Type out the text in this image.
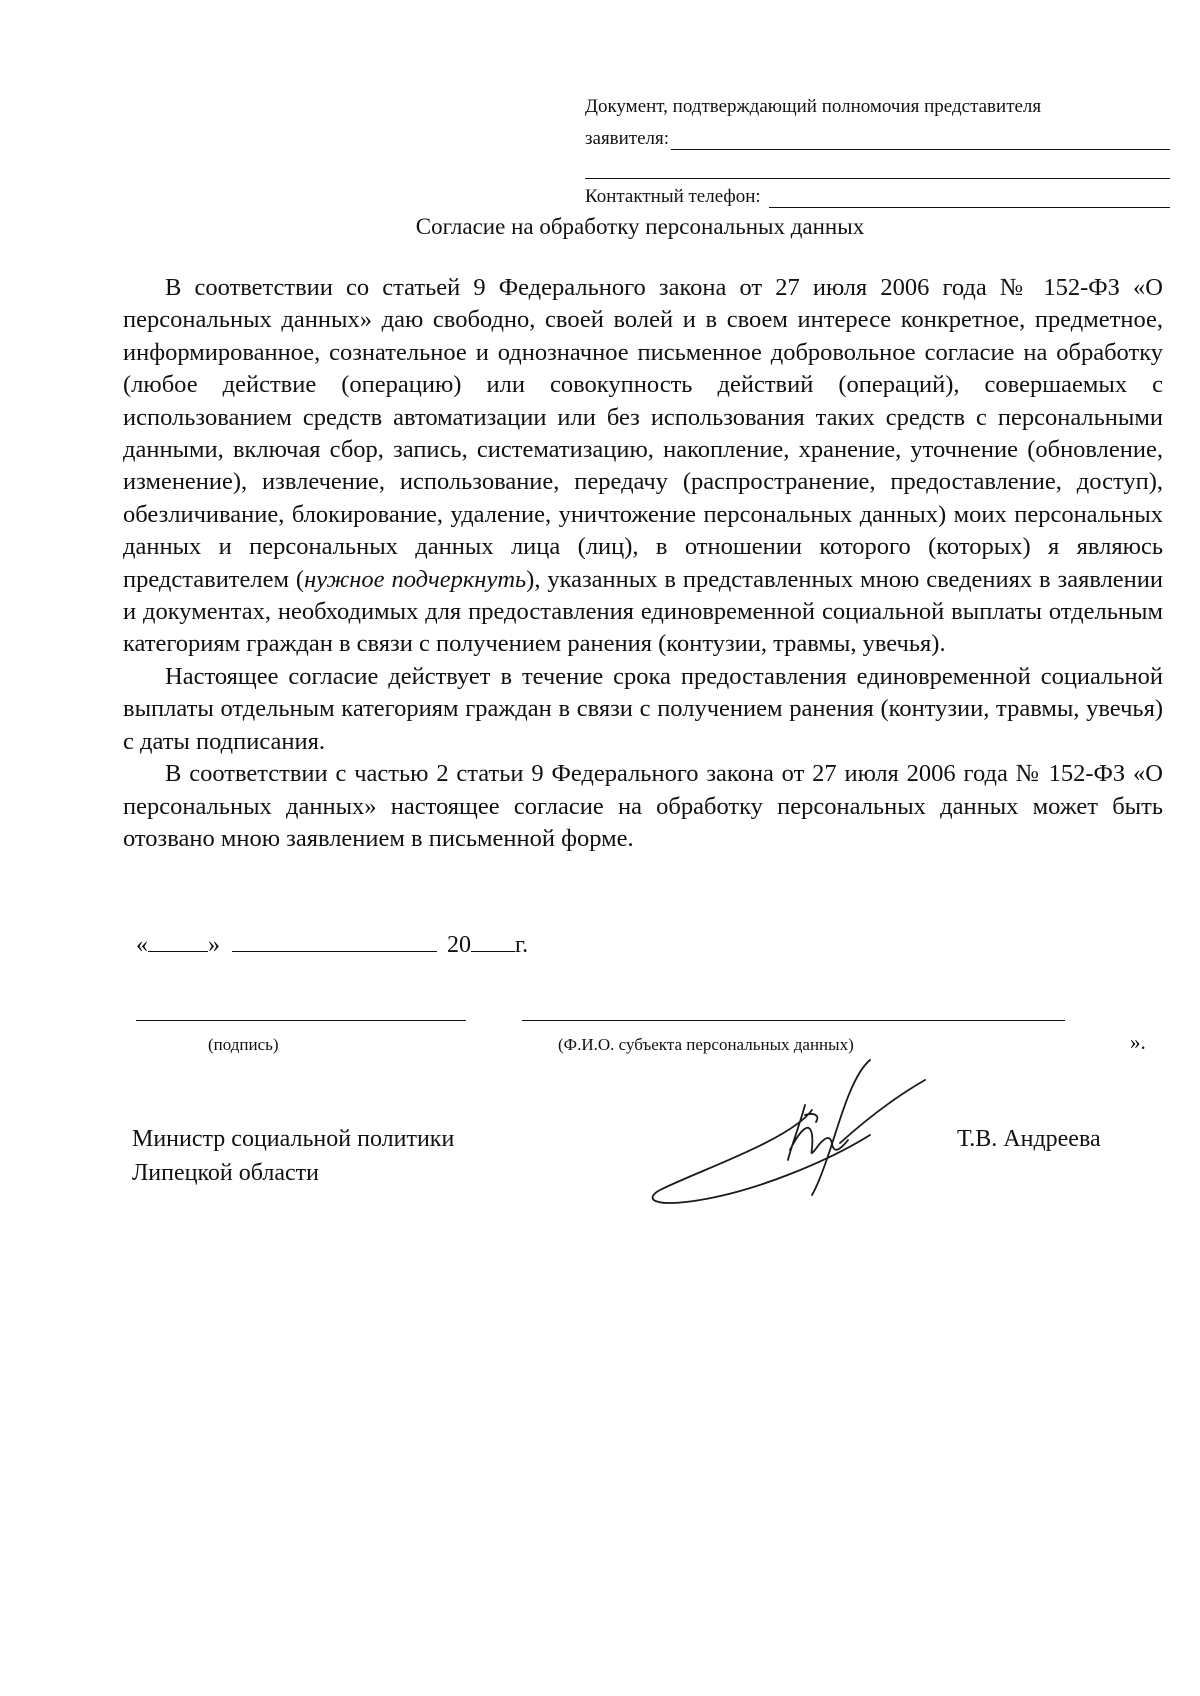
Документ, подтверждающий полномочия представителя
заявителя:
Контактный телефон:
Согласие на обработку персональных данных

В соответствии со статьей 9 Федерального закона от 27 июля 2006 года № 152-ФЗ «О персональных данных» даю свободно, своей волей и в своем интересе конкретное, предметное, информированное, сознательное и однозначное письменное добровольное согласие на обработку (любое действие (операцию) или совокупность действий (операций), совершаемых с использованием средств автоматизации или без использования таких средств с персональными данными, включая сбор, запись, систематизацию, накопление, хранение, уточнение (обновление, изменение), извлечение, использование, передачу (распространение, предоставление, доступ), обезличивание, блокирование, удаление, уничтожение персональных данных) моих персональных данных и персональных данных лица (лиц), в отношении которого (которых) я являюсь представителем (нужное подчеркнуть), указанных в представленных мною сведениях в заявлении и документах, необходимых для предоставления единовременной социальной выплаты отдельным категориям граждан в связи с получением ранения (контузии, травмы, увечья).

Настоящее согласие действует в течение срока предоставления единовременной социальной выплаты отдельным категориям граждан в связи с получением ранения (контузии, травмы, увечья) с даты подписания.

В соответствии с частью 2 статьи 9 Федерального закона от 27 июля 2006 года № 152-ФЗ «О персональных данных» настоящее согласие на обработку персональных данных может быть отозвано мною заявлением в письменной форме.

«	»	20 г.
(подпись)	(Ф.И.О. субъекта персональных данных)	».
Министр социальной политики
Липецкой области
Т.В. Андреева
